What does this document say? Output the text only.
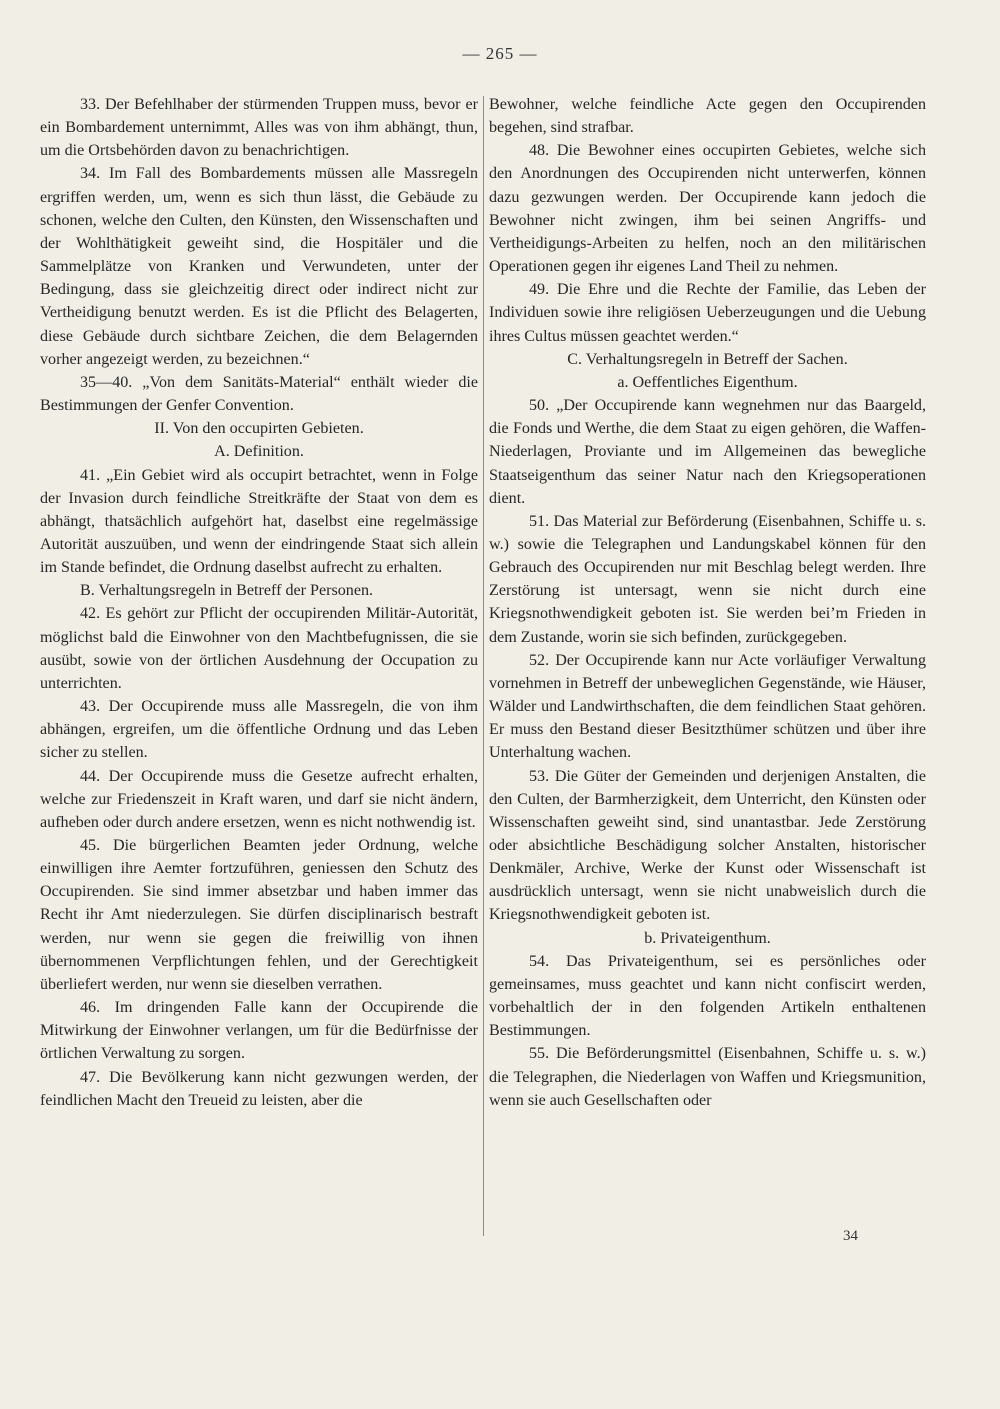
— 265 —

33. Der Befehlhaber der stürmenden Truppen muss, bevor er ein Bombardement unternimmt, Alles was von ihm abhängt, thun, um die Ortsbehörden davon zu benachrichtigen.

34. Im Fall des Bombardements müssen alle Massregeln ergriffen werden, um, wenn es sich thun lässt, die Gebäude zu schonen, welche den Culten, den Künsten, den Wissenschaften und der Wohlthätigkeit geweiht sind, die Hospitäler und die Sammelplätze von Kranken und Verwundeten, unter der Bedingung, dass sie gleichzeitig direct oder indirect nicht zur Vertheidigung benutzt werden. Es ist die Pflicht des Belagerten, diese Gebäude durch sichtbare Zeichen, die dem Belagernden vorher angezeigt werden, zu bezeichnen.“

35—40. „Von dem Sanitäts-Material“ enthält wieder die Bestimmungen der Genfer Convention.

II. Von den occupirten Gebieten.

A. Definition.

41. „Ein Gebiet wird als occupirt betrachtet, wenn in Folge der Invasion durch feindliche Streitkräfte der Staat von dem es abhängt, thatsächlich aufgehört hat, daselbst eine regelmässige Autorität auszuüben, und wenn der eindringende Staat sich allein im Stande befindet, die Ordnung daselbst aufrecht zu erhalten.

B. Verhaltungsregeln in Betreff der Personen.

42. Es gehört zur Pflicht der occupirenden Militär-Autorität, möglichst bald die Einwohner von den Machtbefugnissen, die sie ausübt, sowie von der örtlichen Ausdehnung der Occupation zu unterrichten.

43. Der Occupirende muss alle Massregeln, die von ihm abhängen, ergreifen, um die öffentliche Ordnung und das Leben sicher zu stellen.

44. Der Occupirende muss die Gesetze aufrecht erhalten, welche zur Friedenszeit in Kraft waren, und darf sie nicht ändern, aufheben oder durch andere ersetzen, wenn es nicht nothwendig ist.

45. Die bürgerlichen Beamten jeder Ordnung, welche einwilligen ihre Aemter fortzuführen, geniessen den Schutz des Occupirenden. Sie sind immer absetzbar und haben immer das Recht ihr Amt niederzulegen. Sie dürfen disciplinarisch bestraft werden, nur wenn sie gegen die freiwillig von ihnen übernommenen Verpflichtungen fehlen, und der Gerechtigkeit überliefert werden, nur wenn sie dieselben verrathen.

46. Im dringenden Falle kann der Occupirende die Mitwirkung der Einwohner verlangen, um für die Bedürfnisse der örtlichen Verwaltung zu sorgen.

47. Die Bevölkerung kann nicht gezwungen werden, der feindlichen Macht den Treueid zu leisten, aber die

Bewohner, welche feindliche Acte gegen den Occupirenden begehen, sind strafbar.

48. Die Bewohner eines occupirten Gebietes, welche sich den Anordnungen des Occupirenden nicht unterwerfen, können dazu gezwungen werden. Der Occupirende kann jedoch die Bewohner nicht zwingen, ihm bei seinen Angriffs- und Vertheidigungs-Arbeiten zu helfen, noch an den militärischen Operationen gegen ihr eigenes Land Theil zu nehmen.

49. Die Ehre und die Rechte der Familie, das Leben der Individuen sowie ihre religiösen Ueberzeugungen und die Uebung ihres Cultus müssen geachtet werden.“

C. Verhaltungsregeln in Betreff der Sachen.

a. Oeffentliches Eigenthum.

50. „Der Occupirende kann wegnehmen nur das Baargeld, die Fonds und Werthe, die dem Staat zu eigen gehören, die Waffen-Niederlagen, Proviante und im Allgemeinen das bewegliche Staatseigenthum das seiner Natur nach den Kriegsoperationen dient.

51. Das Material zur Beförderung (Eisenbahnen, Schiffe u. s. w.) sowie die Telegraphen und Landungskabel können für den Gebrauch des Occupirenden nur mit Beschlag belegt werden. Ihre Zerstörung ist untersagt, wenn sie nicht durch eine Kriegsnothwendigkeit geboten ist. Sie werden bei’m Frieden in dem Zustande, worin sie sich befinden, zurückgegeben.

52. Der Occupirende kann nur Acte vorläufiger Verwaltung vornehmen in Betreff der unbeweglichen Gegenstände, wie Häuser, Wälder und Landwirthschaften, die dem feindlichen Staat gehören. Er muss den Bestand dieser Besitzthümer schützen und über ihre Unterhaltung wachen.

53. Die Güter der Gemeinden und derjenigen Anstalten, die den Culten, der Barmherzigkeit, dem Unterricht, den Künsten oder Wissenschaften geweiht sind, sind unantastbar. Jede Zerstörung oder absichtliche Beschädigung solcher Anstalten, historischer Denkmäler, Archive, Werke der Kunst oder Wissenschaft ist ausdrücklich untersagt, wenn sie nicht unabweislich durch die Kriegsnothwendigkeit geboten ist.

b. Privateigenthum.

54. Das Privateigenthum, sei es persönliches oder gemeinsames, muss geachtet und kann nicht confiscirt werden, vorbehaltlich der in den folgenden Artikeln enthaltenen Bestimmungen.

55. Die Beförderungsmittel (Eisenbahnen, Schiffe u. s. w.) die Telegraphen, die Niederlagen von Waffen und Kriegsmunition, wenn sie auch Gesellschaften oder

34
